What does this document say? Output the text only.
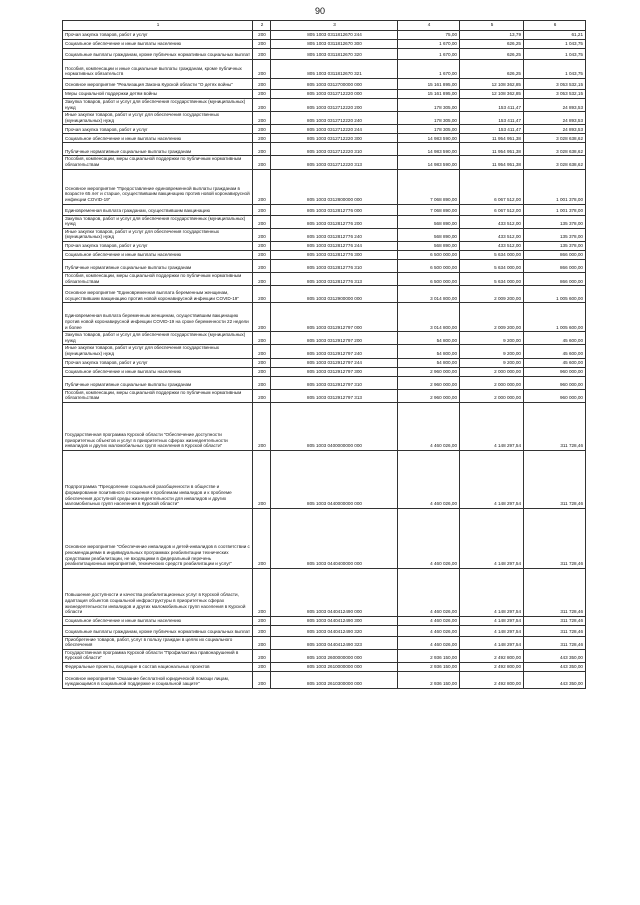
90
1	2	3	4	5	6
Прочая закупка товаров, работ и услуг	200	805 1003 0311812670 244	75,00	13,79	61,21
Социальное обеспечение и иные выплаты населению	200	805 1003 0311812670 300	1 670,00	626,25	1 043,75
Социальные выплаты гражданам, кроме публичных нормативных социальных выплат	200	805 1003 0311812670 320	1 670,00	626,25	1 043,75
Пособия, компенсации и иные социальные выплаты гражданам, кроме публичных нормативных обязательств	200	805 1003 0311812670 321	1 670,00	626,25	1 043,75
Основное мероприятие "Реализация Закона Курской области "О детях войны"	200	805 1003 0312700000 000	15 161 895,00	12 108 362,85	3 053 532,15
Меры социальной поддержки детям войны	200	805 1003 0312712220 000	15 161 895,00	12 108 362,85	3 053 532,15
Закупка товаров, работ и услуг для обеспечения государственных (муниципальных) нужд	200	805 1003 0312712220 200	178 305,00	153 411,47	24 893,53
Иные закупки товаров, работ и услуг для обеспечения государственных (муниципальных) нужд	200	805 1003 0312712220 240	178 305,00	153 411,47	24 893,53
Прочая закупка товаров, работ и услуг	200	805 1003 0312712220 244	178 305,00	153 411,47	24 893,53
Социальное обеспечение и иные выплаты населению	200	805 1003 0312712220 300	14 983 590,00	11 954 951,38	3 028 638,62
Публичные нормативные социальные выплаты гражданам	200	805 1003 0312712220 310	14 983 590,00	11 954 951,38	3 028 638,62
Пособия, компенсации, меры социальной поддержки по публичным нормативным обязательствам	200	805 1003 0312712220 313	14 983 590,00	11 954 951,38	3 028 638,62
Основное мероприятие "Предоставление единовременной выплаты гражданам в возрасте 65 лет и старше, осуществившим вакцинацию против новой коронавирусной инфекции COVID-19"	200	805 1003 0312800000 000	7 068 890,00	6 067 512,00	1 001 378,00
Единовременная выплата гражданам, осуществившим вакцинацию	200	805 1003 0312812776 000	7 068 890,00	6 067 512,00	1 001 378,00
Закупка товаров, работ и услуг для обеспечения государственных (муниципальных) нужд	200	805 1003 0312812776 200	568 890,00	433 512,00	135 378,00
Иные закупки товаров, работ и услуг для обеспечения государственных (муниципальных) нужд	200	805 1003 0312812776 240	568 890,00	433 512,00	135 378,00
Прочая закупка товаров, работ и услуг	200	805 1003 0312812776 244	568 890,00	433 512,00	135 378,00
Социальное обеспечение и иные выплаты населению	200	805 1003 0312812776 300	6 500 000,00	5 634 000,00	866 000,00
Публичные нормативные социальные выплаты гражданам	200	805 1003 0312812776 310	6 500 000,00	5 634 000,00	866 000,00
Пособия, компенсации, меры социальной поддержки по публичным нормативным обязательствам	200	805 1003 0312812776 313	6 500 000,00	5 634 000,00	866 000,00
Основное мероприятие "Единовременная выплата беременным женщинам, осуществившим вакцинацию против новой коронавирусной инфекции COVID-19"	200	805 1003 0312900000 000	3 014 800,00	2 009 200,00	1 005 600,00
Единовременная выплата беременным женщинам, осуществившим вакцинацию против новой коронавирусной инфекции COVID-19 на сроке беременности 22 недели и более	200	805 1003 0312912797 000	3 014 800,00	2 009 200,00	1 005 600,00
Закупка товаров, работ и услуг для обеспечения государственных (муниципальных) нужд	200	805 1003 0312912797 200	54 800,00	9 200,00	45 600,00
Иные закупки товаров, работ и услуг для обеспечения государственных (муниципальных) нужд	200	805 1003 0312912797 240	54 800,00	9 200,00	45 600,00
Прочая закупка товаров, работ и услуг	200	805 1003 0312912797 244	54 800,00	9 200,00	45 600,00
Социальное обеспечение и иные выплаты населению	200	805 1003 0312912797 300	2 960 000,00	2 000 000,00	960 000,00
Публичные нормативные социальные выплаты гражданам	200	805 1003 0312912797 310	2 960 000,00	2 000 000,00	960 000,00
Пособия, компенсации, меры социальной поддержки по публичным нормативным обязательствам	200	805 1003 0312912797 313	2 960 000,00	2 000 000,00	960 000,00
Государственная программа Курской области "Обеспечение доступности приоритетных объектов и услуг в приоритетных сферах жизнедеятельности инвалидов и других маломобильных групп населения в Курской области"	200	805 1003 0400000000 000	4 460 026,00	4 148 297,54	311 728,46
Подпрограмма "Преодоление социальной разобщенности в обществе и формирование позитивного отношения к проблемам инвалидов и к проблеме обеспечения доступной среды жизнедеятельности для инвалидов и других маломобильных групп населения в Курской области"	200	805 1003 0440000000 000	4 460 026,00	4 148 297,54	311 728,46
Основное мероприятие "Обеспечение инвалидов и детей-инвалидов в соответствии с рекомендациями в индивидуальных программах реабилитации технических средствами реабилитации, не входящими в федеральный перечень реабилитационных мероприятий, технических средств реабилитации и услуг"	200	805 1003 0440400000 000	4 460 026,00	4 148 297,54	311 728,46
Повышение доступности и качества реабилитационных услуг в Курской области, адаптация объектов социальной инфраструктуры в приоритетных сферах жизнедеятельности инвалидов и других маломобильных групп населения в Курской области	200	805 1003 0440412490 000	4 460 026,00	4 148 297,54	311 728,46
Социальное обеспечение и иные выплаты населению	200	805 1003 0440412490 300	4 460 026,00	4 148 297,54	311 728,46
Социальные выплаты гражданам, кроме публичных нормативных социальных выплат	200	805 1003 0440412490 320	4 460 026,00	4 148 297,54	311 728,46
Приобретение товаров, работ, услуг в пользу граждан в целях их социального обеспечения	200	805 1003 0440412490 323	4 460 026,00	4 148 297,54	311 728,46
Государственная программа Курской области "Профилактика правонарушений в Курской области"	200	805 1003 2600000000 000	2 936 150,00	2 492 800,00	443 350,00
Федеральные проекты, входящие в состав национальных проектов	200	805 1003 2610000000 000	2 936 150,00	2 492 800,00	443 350,00
Основное мероприятие "Оказание бесплатной юридической помощи лицам, нуждающимся в социальной поддержке и социальной защите"	200	805 1003 2610300000 000	2 936 150,00	2 492 800,00	443 350,00
